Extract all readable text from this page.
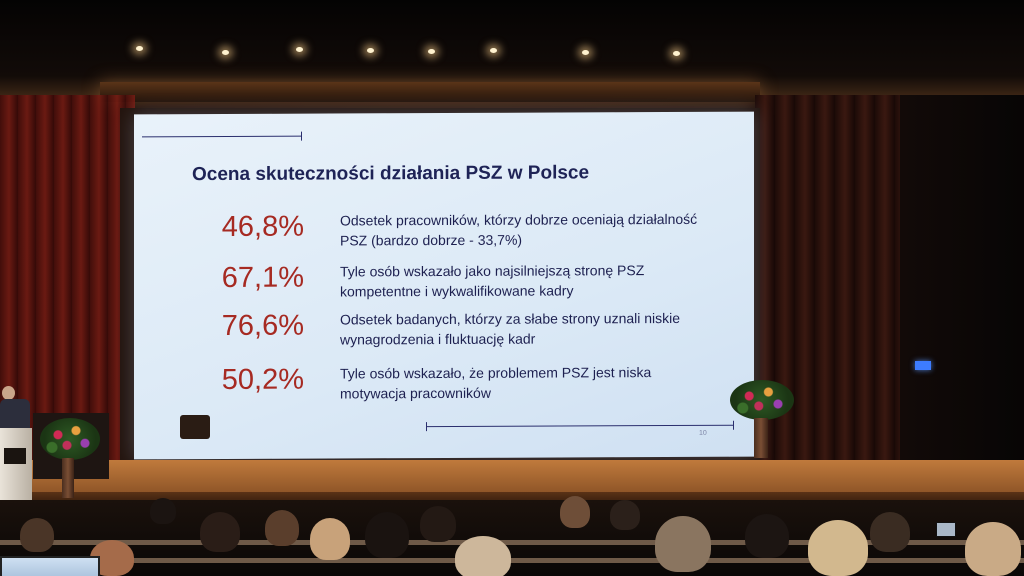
Ocena skuteczności działania PSZ w Polsce
46,8%	Odsetek pracowników, którzy dobrze oceniają działalność PSZ (bardzo dobrze - 33,7%)
67,1%	Tyle osób wskazało jako najsilniejszą stronę PSZ kompetentne i wykwalifikowane kadry
76,6%	Odsetek badanych, którzy za słabe strony uznali niskie wynagrodzenia i fluktuację kadr
50,2%	Tyle osób wskazało, że problemem PSZ jest niska motywacja pracowników
10
